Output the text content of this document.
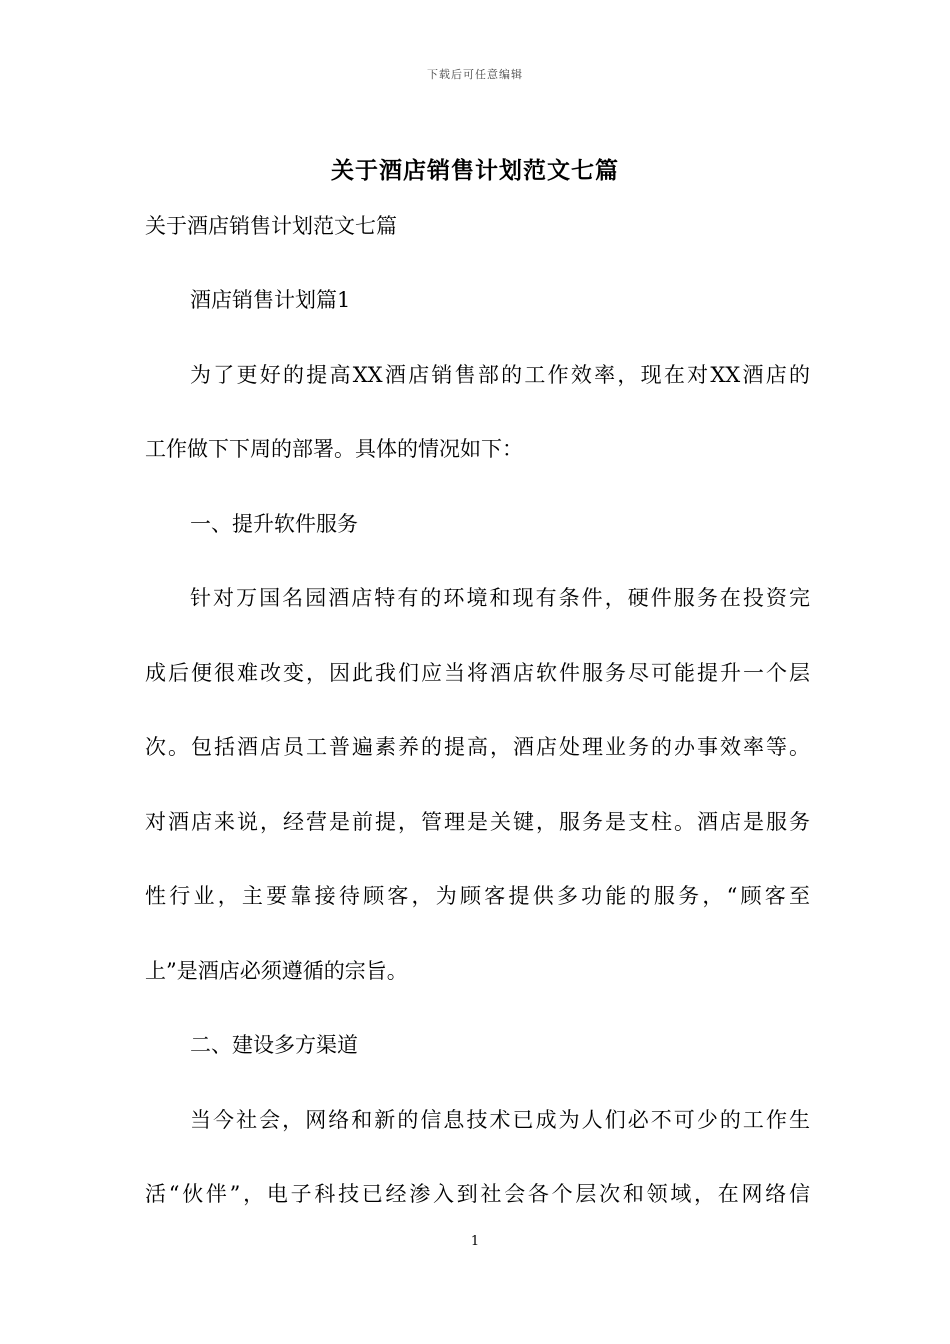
下载后可任意编辑
关于酒店销售计划范文七篇
关于酒店销售计划范文七篇
酒店销售计划篇1
为了更好的提高XX酒店销售部的工作效率，现在对XX酒店的
工作做下下周的部署。具体的情况如下：
一、提升软件服务
针对万国名园酒店特有的环境和现有条件，硬件服务在投资完
成后便很难改变，因此我们应当将酒店软件服务尽可能提升一个层
次。包括酒店员工普遍素养的提高，酒店处理业务的办事效率等。
对酒店来说，经营是前提，管理是关键，服务是支柱。酒店是服务
性行业，主要靠接待顾客，为顾客提供多功能的服务，“顾客至
上”是酒店必须遵循的宗旨。
二、建设多方渠道
当今社会，网络和新的信息技术已成为人们必不可少的工作生
活“伙伴”，电子科技已经渗入到社会各个层次和领域，在网络信
1
